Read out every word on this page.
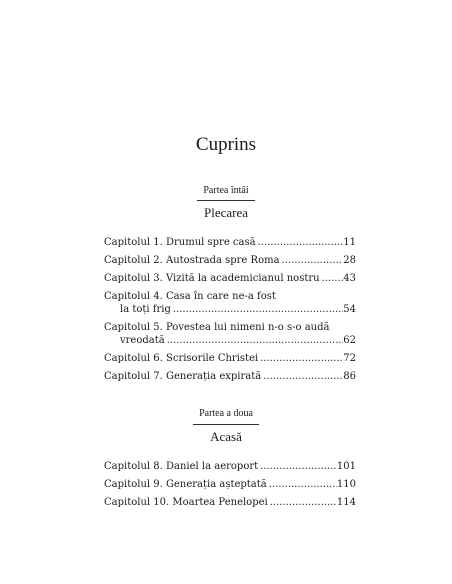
Cuprins
Partea întâi
Plecarea
Capitolul 1. Drumul spre casă .....	11
Capitolul 2. Autostrada spre Roma .....	28
Capitolul 3. Vizită la academicianul nostru ..... 43
Capitolul 4. Casa în care ne-a fost
la toți frig .....	54
Capitolul 5. Povestea lui nimeni n-o s-o audă
vreodată .....	62
Capitolul 6. Scrisorile Christei .....	72
Capitolul 7. Generația expirată .....	86
Partea a doua
Acasă
Capitolul 8. Daniel la aeroport .....	101
Capitolul 9. Generația așteptată .....	110
Capitolul 10. Moartea Penelopei .....	114
